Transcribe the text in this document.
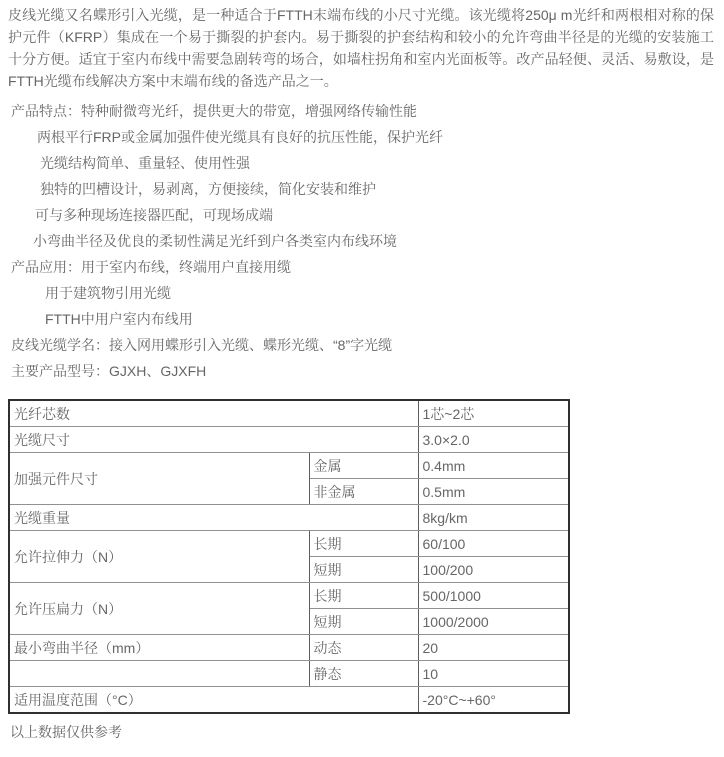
皮线光缆又名蝶形引入光缆，是一种适合于FTTH末端布线的小尺寸光缆。该光缆将250μ m光纤和两根相对称的保护元件（KFRP）集成在一个易于撕裂的护套内。易于撕裂的护套结构和较小的允许弯曲半径是的光缆的安装施工十分方便。适宜于室内布线中需要急剧转弯的场合，如墙柱拐角和室内光面板等。改产品轻便、灵活、易敷设，是FTTH光缆布线解决方案中末端布线的备选产品之一。

产品特点：特种耐微弯光纤，提供更大的带宽，增强网络传输性能
两根平行FRP或金属加强件使光缆具有良好的抗压性能，保护光纤
光缆结构简单、重量轻、使用性强
独特的凹槽设计，易剥离，方便接续，简化安装和维护
可与多种现场连接器匹配，可现场成端
小弯曲半径及优良的柔韧性满足光纤到户各类室内布线环境
产品应用：用于室内布线，终端用户直接用缆
用于建筑物引用光缆
FTTH中用户室内布线用
皮线光缆学名：接入网用蝶形引入光缆、蝶形光缆、“8”字光缆
主要产品型号：GJXH、GJXFH
光纤芯数		1芯~2芯
光缆尺寸		3.0×2.0
加强元件尺寸	金属	0.4mm
	非金属	0.5mm
光缆重量		8kg/km
允许拉伸力（N）	长期	60/100
	短期	100/200
允许压扁力（N）	长期	500/1000
	短期	1000/2000
最小弯曲半径（mm）	动态	20
	静态	10
适用温度范围（°C）		-20°C~+60°
以上数据仅供参考
